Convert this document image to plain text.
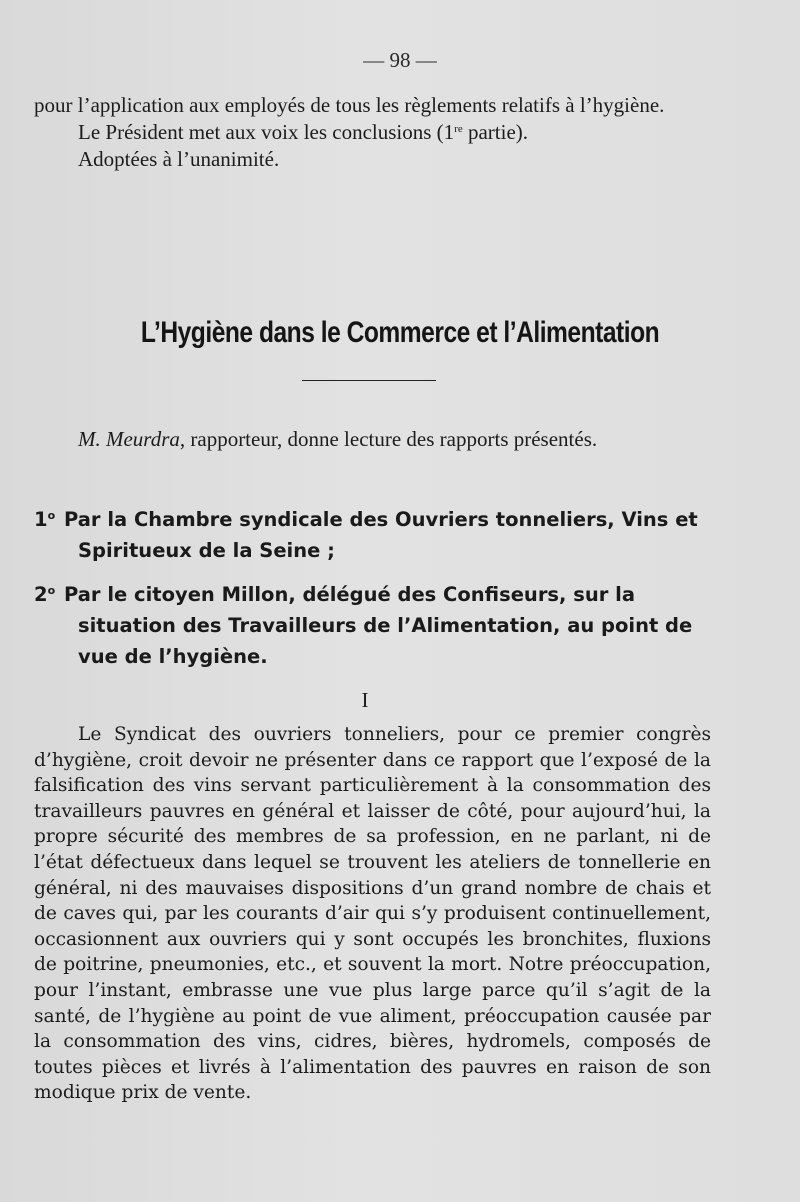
— 98 —

pour l’application aux employés de tous les règlements relatifs à l’hygiène.

Le Président met aux voix les conclusions (1re partie).

Adoptées à l’unanimité.

L’Hygiène dans le Commerce et l’Alimentation

M. Meurdra, rapporteur, donne lecture des rapports présentés.

1$^o$ Par la Chambre syndicale des Ouvriers tonneliers, Vins et Spiritueux de la Seine ;
2$^o$ Par le citoyen Millon, délégué des Confiseurs, sur la situation des Travailleurs de l’Alimentation, au point de vue de l’hygiène.
I

Le Syndicat des ouvriers tonneliers, pour ce premier congrès d’hygiène, croit devoir ne présenter dans ce rapport que l’exposé de la falsification des vins servant particulièrement à la consommation des travailleurs pauvres en général et laisser de côté, pour aujourd’hui, la propre sécurité des membres de sa profession, en ne parlant, ni de l’état défectueux dans lequel se trouvent les ateliers de tonnellerie en général, ni des mauvaises dispositions d’un grand nombre de chais et de caves qui, par les courants d’air qui s’y produisent continuellement, occasionnent aux ouvriers qui y sont occupés les bronchites, fluxions de poitrine, pneumonies, etc., et souvent la mort. Notre préoccupation, pour l’instant, embrasse une vue plus large parce qu’il s’agit de la santé, de l’hygiène au point de vue aliment, préoccupation causée par la consommation des vins, cidres, bières, hydromels, composés de toutes pièces et livrés à l’alimentation des pauvres en raison de son modique prix de vente.
